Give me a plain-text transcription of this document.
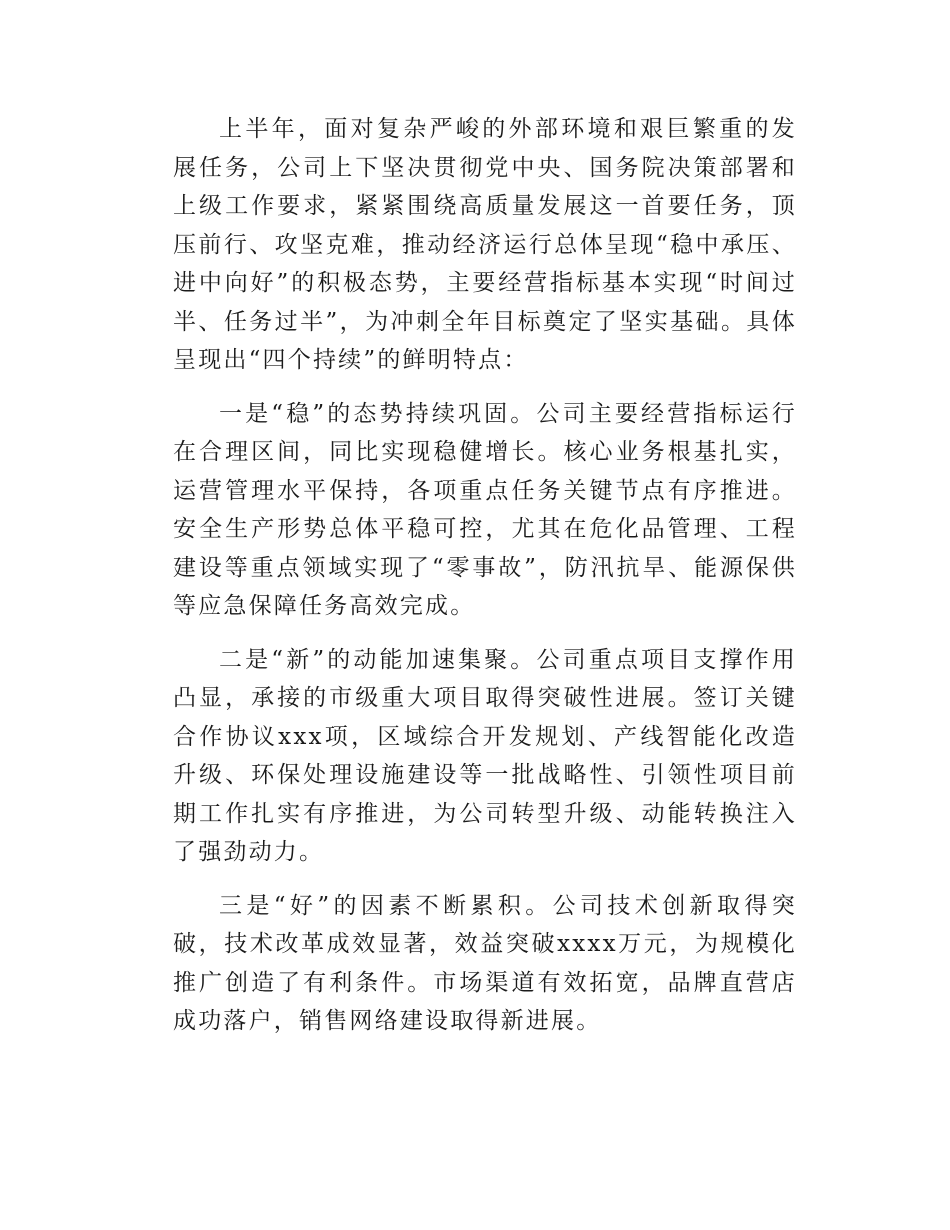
上半年，面对复杂严峻的外部环境和艰巨繁重的发展任务，公司上下坚决贯彻党中央、国务院决策部署和上级工作要求，紧紧围绕高质量发展这一首要任务，顶压前行、攻坚克难，推动经济运行总体呈现“稳中承压、进中向好”的积极态势，主要经营指标基本实现“时间过半、任务过半”，为冲刺全年目标奠定了坚实基础。具体呈现出“四个持续”的鲜明特点：

一是“稳”的态势持续巩固。公司主要经营指标运行在合理区间，同比实现稳健增长。核心业务根基扎实，运营管理水平保持，各项重点任务关键节点有序推进。安全生产形势总体平稳可控，尤其在危化品管理、工程建设等重点领域实现了“零事故”，防汛抗旱、能源保供等应急保障任务高效完成。

二是“新”的动能加速集聚。公司重点项目支撑作用凸显，承接的市级重大项目取得突破性进展。签订关键合作协议xxx项，区域综合开发规划、产线智能化改造升级、环保处理设施建设等一批战略性、引领性项目前期工作扎实有序推进，为公司转型升级、动能转换注入了强劲动力。

三是“好”的因素不断累积。公司技术创新取得突破，技术改革成效显著，效益突破xxxx万元，为规模化推广创造了有利条件。市场渠道有效拓宽，品牌直营店成功落户，销售网络建设取得新进展。
